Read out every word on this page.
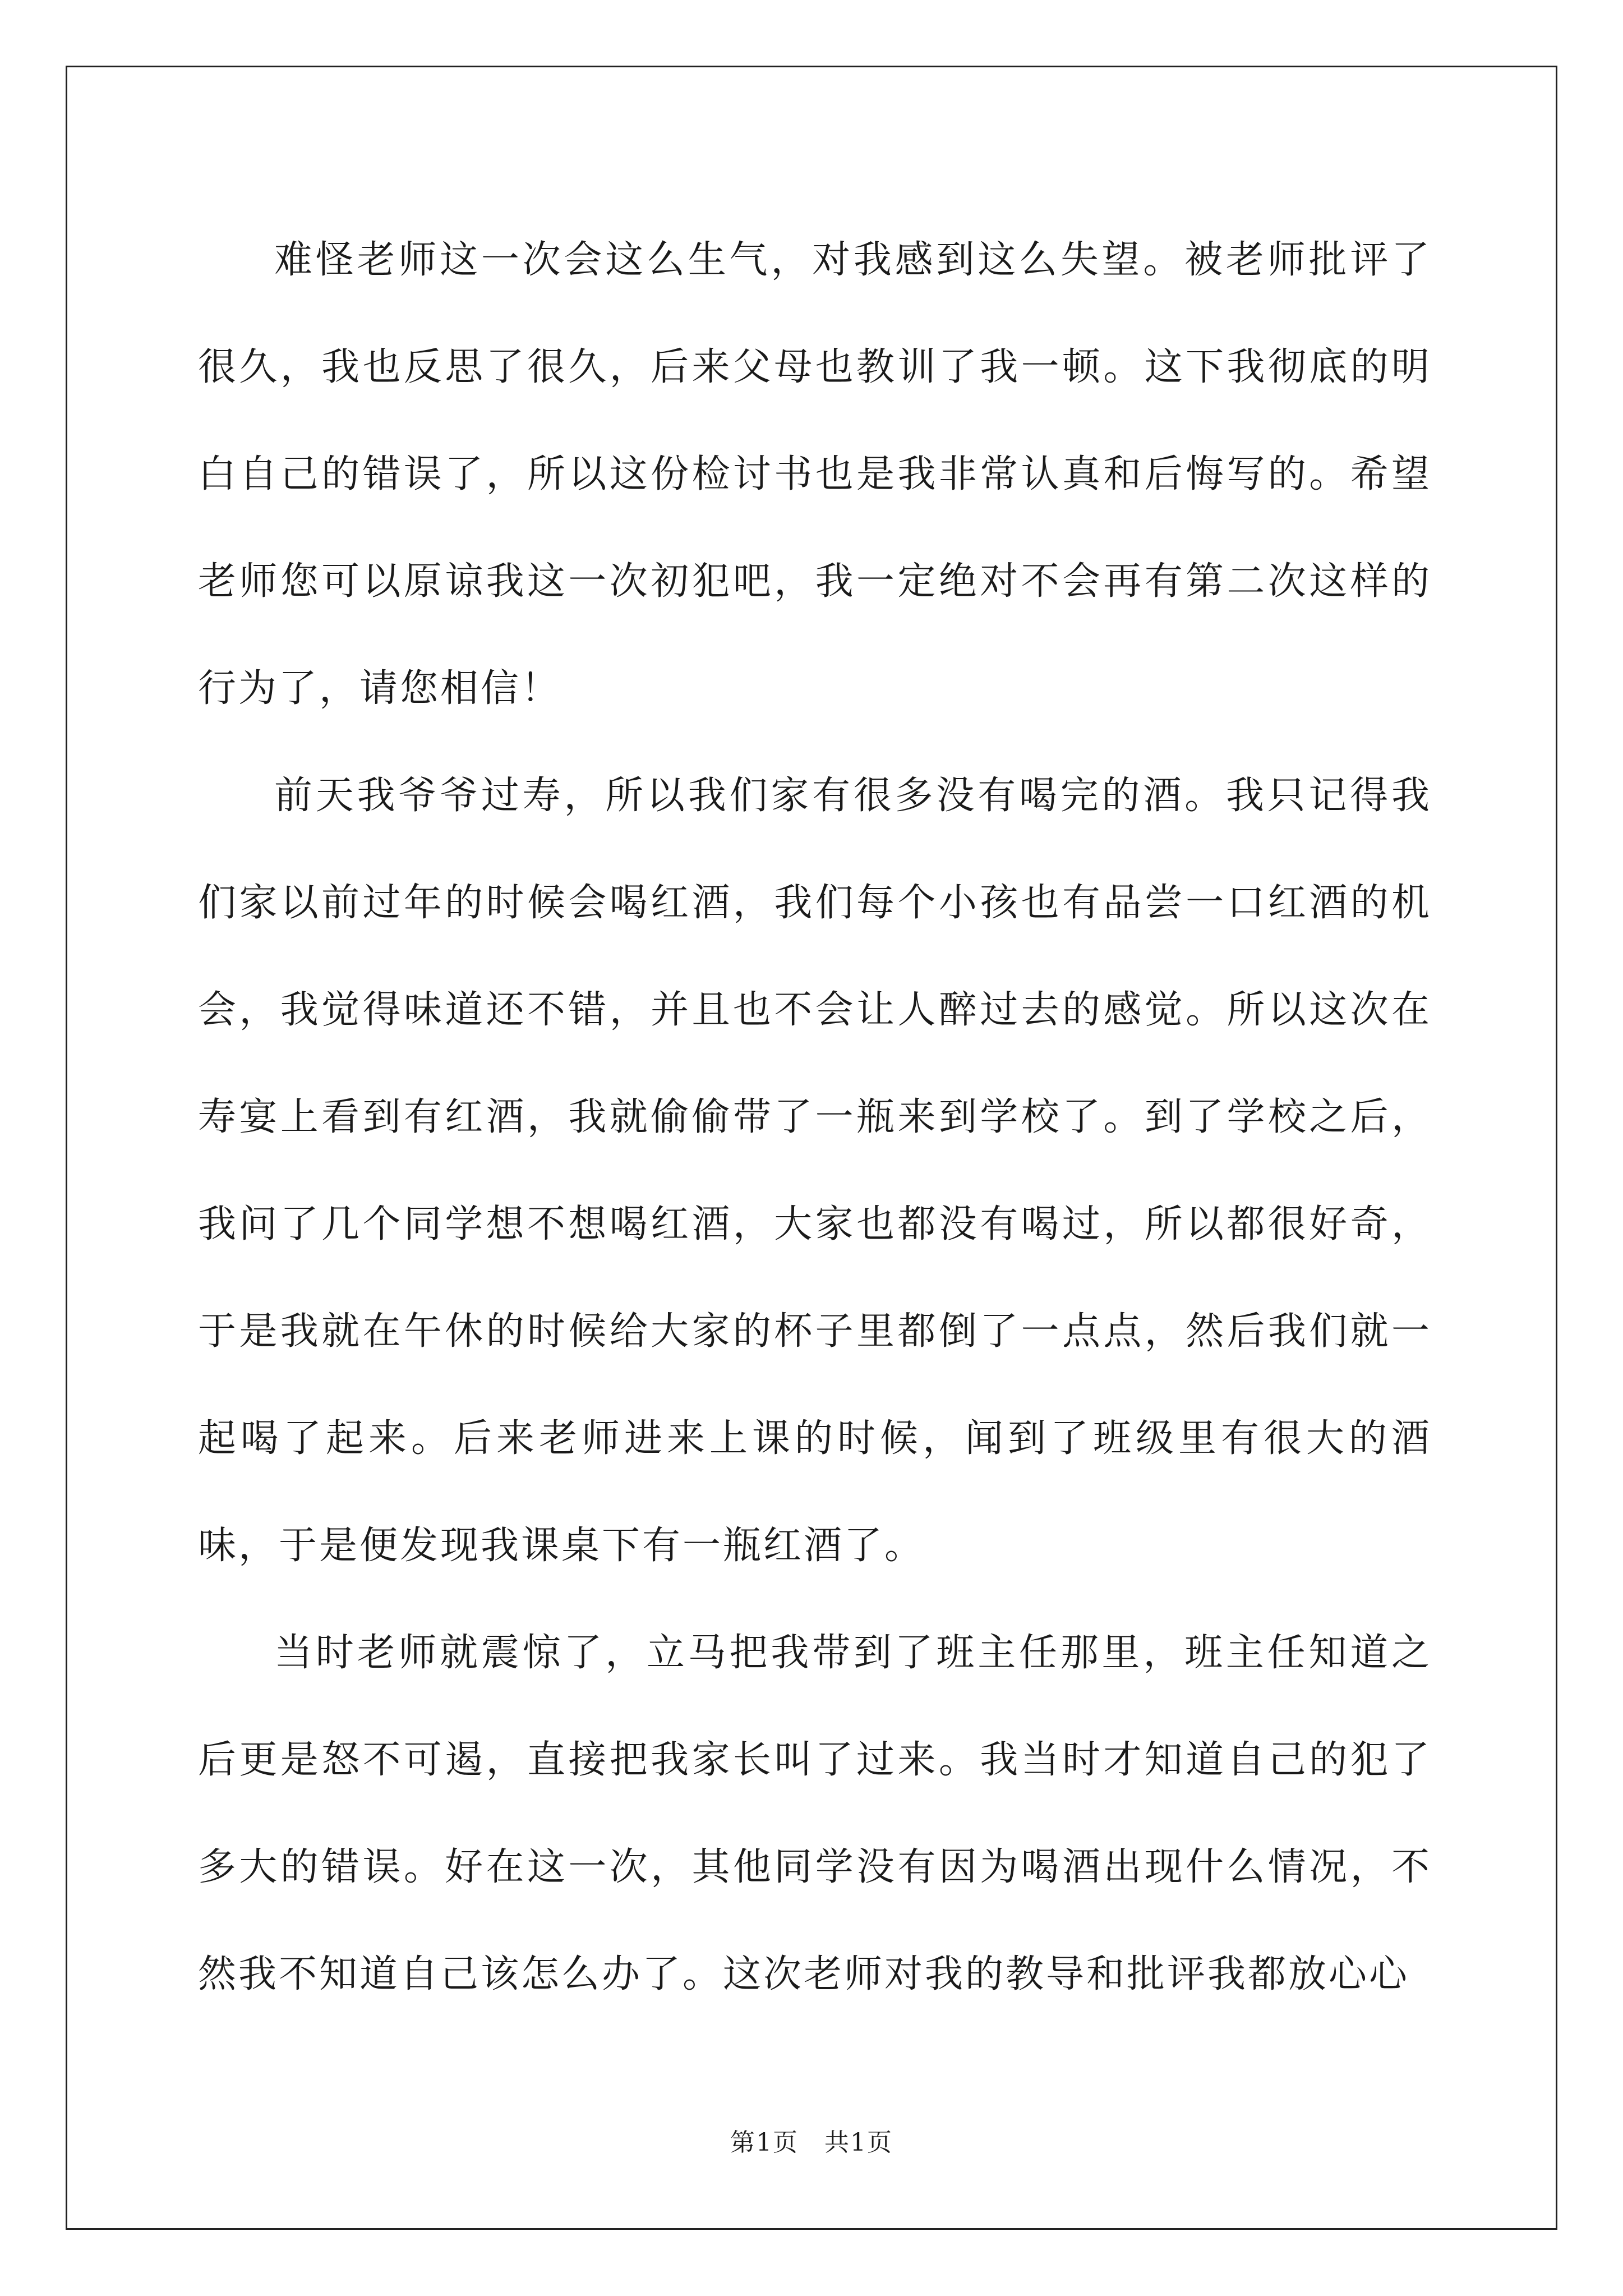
难怪老师这一次会这么生气，对我感到这么失望。被老师批评了很久，我也反思了很久，后来父母也教训了我一顿。这下我彻底的明白自己的错误了，所以这份检讨书也是我非常认真和后悔写的。希望老师您可以原谅我这一次初犯吧，我一定绝对不会再有第二次这样的行为了，请您相信！

前天我爷爷过寿，所以我们家有很多没有喝完的酒。我只记得我们家以前过年的时候会喝红酒，我们每个小孩也有品尝一口红酒的机会，我觉得味道还不错，并且也不会让人醉过去的感觉。所以这次在寿宴上看到有红酒，我就偷偷带了一瓶来到学校了。到了学校之后，我问了几个同学想不想喝红酒，大家也都没有喝过，所以都很好奇，于是我就在午休的时候给大家的杯子里都倒了一点点，然后我们就一起喝了起来。后来老师进来上课的时候，闻到了班级里有很大的酒味，于是便发现我课桌下有一瓶红酒了。

当时老师就震惊了，立马把我带到了班主任那里，班主任知道之后更是怒不可遏，直接把我家长叫了过来。我当时才知道自己的犯了多大的错误。好在这一次，其他同学没有因为喝酒出现什么情况，不然我不知道自己该怎么办了。这次老师对我的教导和批评我都放心心

第1页　共1页
